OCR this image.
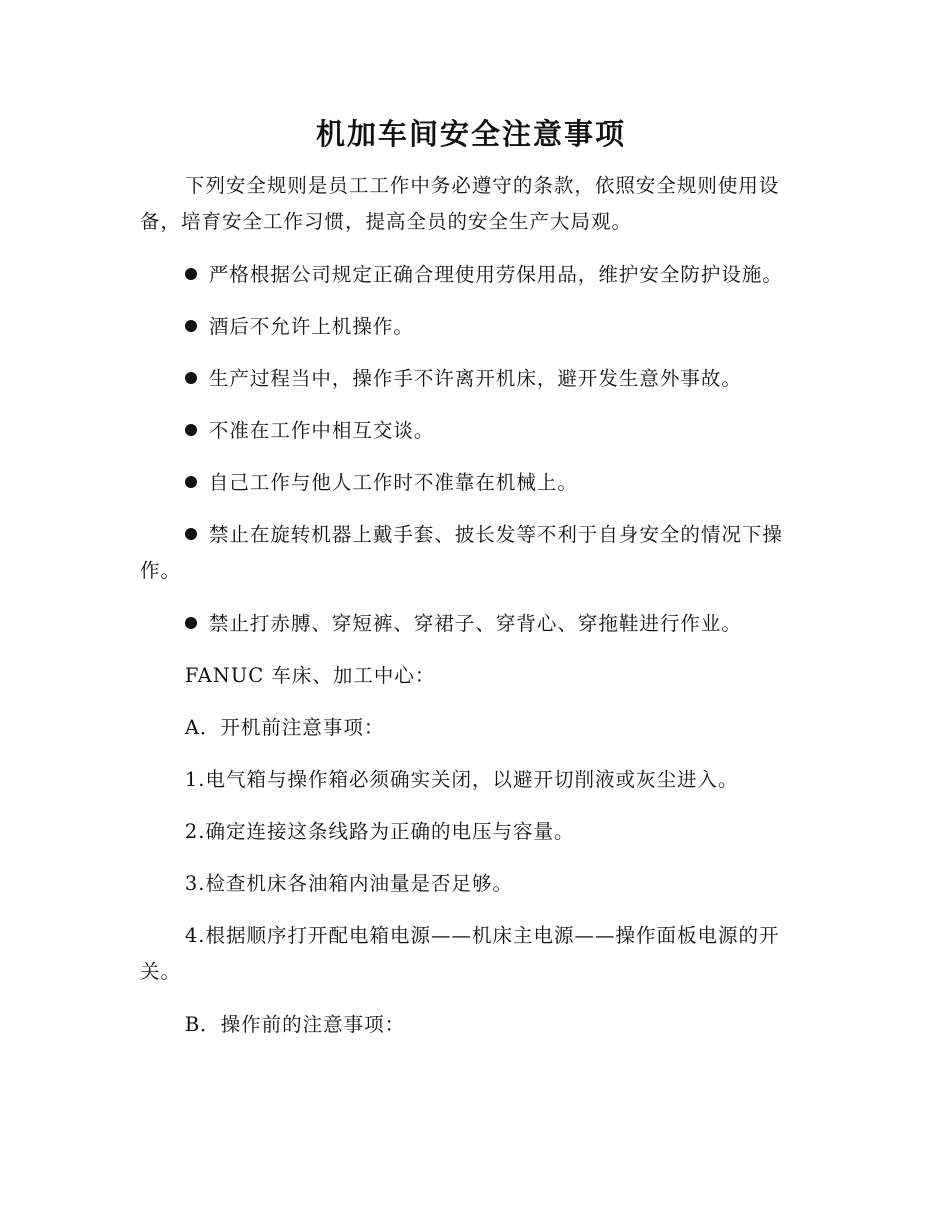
机加车间安全注意事项

下列安全规则是员工工作中务必遵守的条款，依照安全规则使用设备，培育安全工作习惯，提高全员的安全生产大局观。

严格根据公司规定正确合理使用劳保用品，维护安全防护设施。

酒后不允许上机操作。

生产过程当中，操作手不许离开机床，避开发生意外事故。

不准在工作中相互交谈。

自己工作与他人工作时不准靠在机械上。

禁止在旋转机器上戴手套、披长发等不利于自身安全的情况下操作。

禁止打赤膊、穿短裤、穿裙子、穿背心、穿拖鞋进行作业。

FANUC 车床、加工中心：

A．开机前注意事项：

1.电气箱与操作箱必须确实关闭，以避开切削液或灰尘进入。

2.确定连接这条线路为正确的电压与容量。

3.检查机床各油箱内油量是否足够。

4.根据顺序打开配电箱电源——机床主电源——操作面板电源的开关。

B．操作前的注意事项：
